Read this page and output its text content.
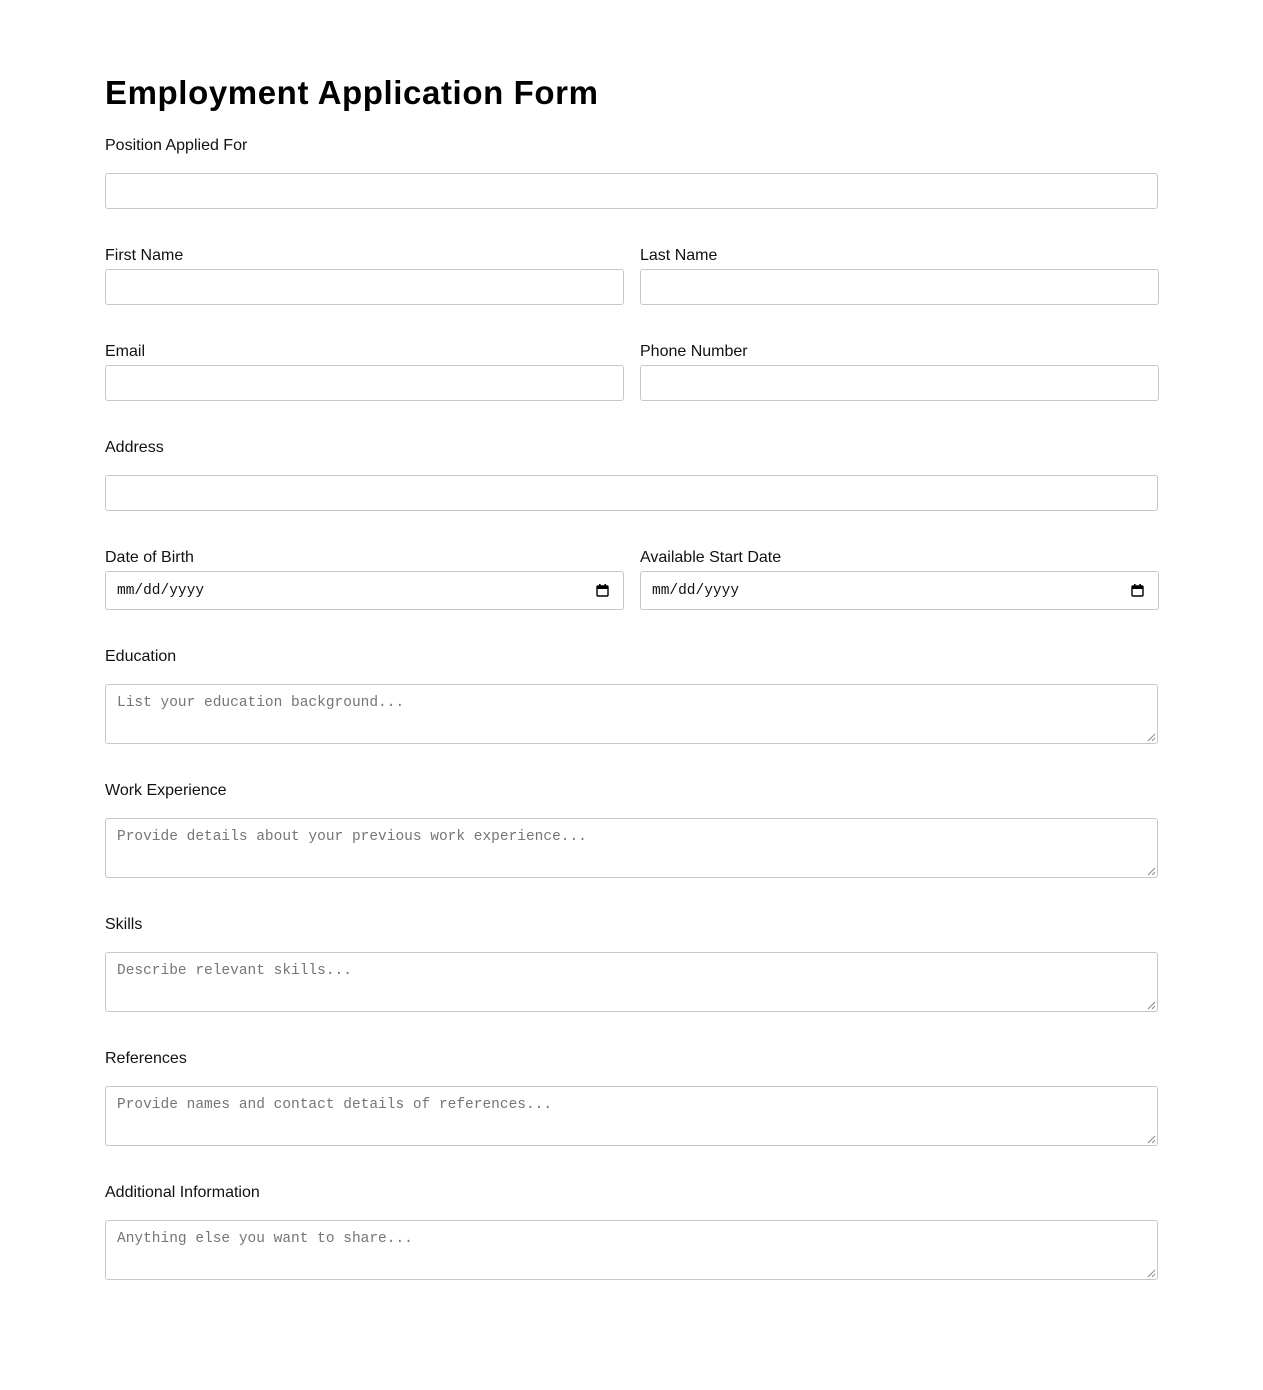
Employment Application Form
Position Applied For
First Name	Last Name
Email	Phone Number
Address
Date of Birth
mm/dd/yyyy
Available Start Date
mm/dd/yyyy
Education
List your education background...
Work Experience
Provide details about your previous work experience...
Skills
Describe relevant skills...
References
Provide names and contact details of references...
Additional Information
Anything else you want to share...
